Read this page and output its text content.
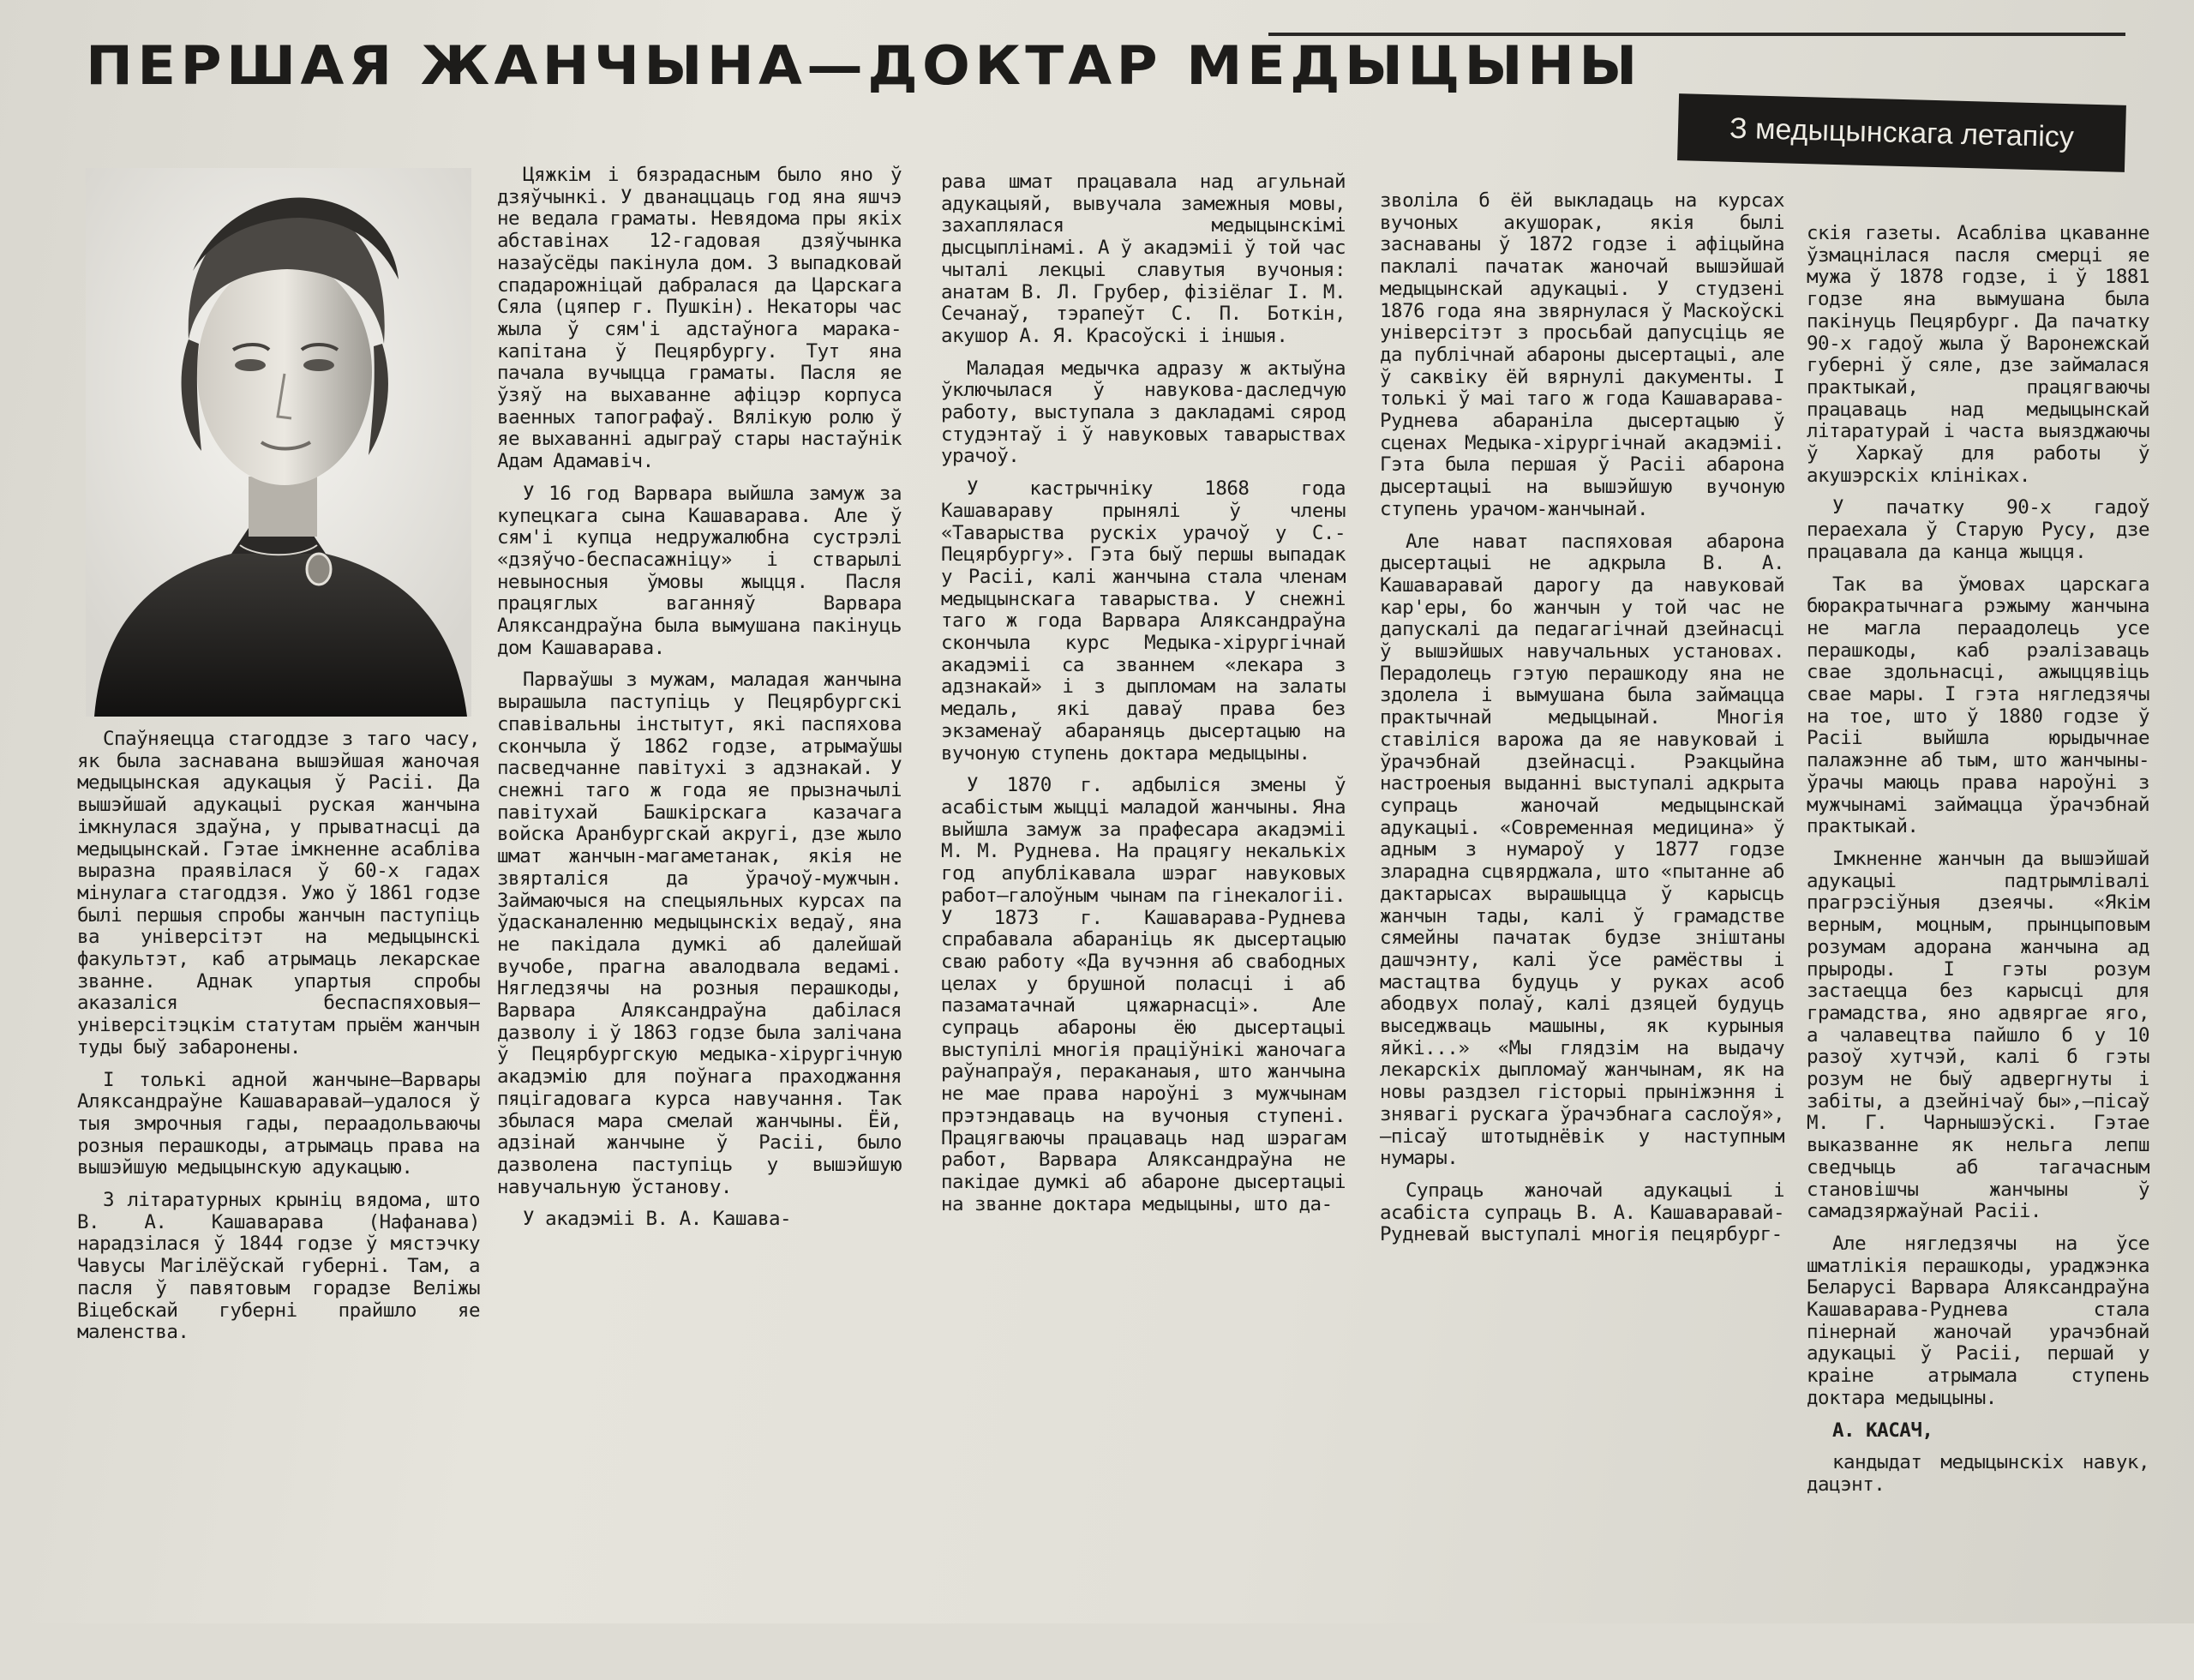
ПЕРШАЯ ЖАНЧЫНА—ДОКТАР МЕДЫЦЫНЫ
З медыцынскага летапісу

Спаўняецца стагоддзе з таго часу, як была заснавана вышэйшая жаночая медыцынская адукацыя ў Расіі. Да вышэйшай адукацыі руская жанчына імкнулася здаўна, у прыватнасці да медыцынскай. Гэтае імкненне асабліва выразна праявілася ў 60-х гадах мінулага стагоддзя. Ужо ў 1861 годзе былі першыя спробы жанчын паступіць ва універсітэт на медыцынскі факультэт, каб атрымаць лекарскае званне. Аднак упартыя спробы аказаліся беспаспяховыя—універсітэцкім статутам прыём жанчын туды быў забаронены.

І толькі адной жанчыне—Варвары Аляксандраўне Кашаваравай—удалося ў тыя змрочныя гады, пераадольваючы розныя перашкоды, атрымаць права на вышэйшую медыцынскую адукацыю.

З літаратурных крыніц вядома, што В. А. Кашаварава (Нафанава) нарадзілася ў 1844 годзе ў мястэчку Чавусы Магілёўскай губерні. Там, а пасля ў павятовым горадзе Веліжы Віцебскай губерні прайшло яе маленства.

Цяжкім і бязрадасным было яно ў дзяўчынкі. У дванаццаць год яна яшчэ не ведала граматы. Невядома пры якіх абставінах 12-гадовая дзяўчынка назаўсёды пакінула дом. З выпадковай спадарожніцай дабралася да Царскага Сяла (цяпер г. Пушкін). Некаторы час жыла ў сям'і адстаўнога марака-капітана ў Пецярбургу. Тут яна пачала вучыцца граматы. Пасля яе ўзяў на выхаванне афіцэр корпуса ваенных тапографаў. Вялікую ролю ў яе выхаванні адыграў стары настаўнік Адам Адамавіч.

У 16 год Варвара выйшла замуж за купецкага сына Кашаварава. Але ў сям'і купца недружалюбна сустрэлі «дзяўчо-беспасажніцу» і стварылі невыносныя ўмовы жыцця. Пасля працяглых ваганняў Варвара Аляксандраўна была вымушана пакінуць дом Кашаварава.

Парваўшы з мужам, маладая жанчына вырашыла паступіць у Пецярбургскі спавівальны інстытут, які паспяхова скончыла ў 1862 годзе, атрымаўшы пасведчанне павітухі з адзнакай. У снежні таго ж года яе прызначылі павітухай Башкірскага казачага войска Аранбургскай акругі, дзе жыло шмат жанчын-магаметанак, якія не звярталіся да ўрачоў-мужчын. Займаючыся на спецыяльных курсах па ўдасканаленню медыцынскіх ведаў, яна не пакідала думкі аб далейшай вучобе, прагна авалодвала ведамі. Нягледзячы на розныя перашкоды, Варвара Аляксандраўна дабілася дазволу і ў 1863 годзе была залічана ў Пецярбургскую медыка-хірургічную акадэмію для поўнага праходжання пяцігадовага курса навучання. Так збылася мара смелай жанчыны. Ёй, адзінай жанчыне ў Расіі, было дазволена паступіць у вышэйшую навучальную ўстанову.

У акадэміі В. А. Кашава-

рава шмат працавала над агульнай адукацыяй, вывучала замежныя мовы, захаплялася медыцынскімі дысцыплінамі. А ў акадэміі ў той час чыталі лекцыі славутыя вучоныя: анатам В. Л. Грубер, фізіёлаг І. М. Сечанаў, тэрапеўт С. П. Боткін, акушор А. Я. Красоўскі і іншыя.

Маладая медычка адразу ж актыўна ўключылася ў навукова-даследчую работу, выступала з дакладамі сярод студэнтаў і ў навуковых таварыствах урачоў.

У кастрычніку 1868 года Кашавараву прынялі ў члены «Таварыства рускіх урачоў у С.-Пецярбургу». Гэта быў першы выпадак у Расіі, калі жанчына стала членам медыцынскага таварыства. У снежні таго ж года Варвара Аляксандраўна скончыла курс Медыка-хірургічнай акадэміі са званнем «лекара з адзнакай» і з дыпломам на залаты медаль, які даваў права без экзаменаў абараняць дысертацыю на вучоную ступень доктара медыцыны.

У 1870 г. адбыліся змены ў асабістым жыцці маладой жанчыны. Яна выйшла замуж за прафесара акадэміі М. М. Руднева. На працягу некалькіх год апублікавала шэраг навуковых работ—галоўным чынам па гінекалогіі. У 1873 г. Кашаварава-Руднева спрабавала абараніць як дысертацыю сваю работу «Да вучэння аб свабодных целах у брушной поласці і аб пазаматачнай цяжарнасці». Але супраць абароны ёю дысертацыі выступілі многія праціўнікі жаночага раўнапраўя, пераканаыя, што жанчына не мае права нароўні з мужчынам прэтэндаваць на вучоныя ступені. Працягваючы працаваць над шэрагам работ, Варвара Аляксандраўна не пакідае думкі аб абароне дысертацыі на званне доктара медыцыны, што да-

зволіла б ёй выкладаць на курсах вучоных акушорак, якія былі заснаваны ў 1872 годзе і афіцыйна паклалі пачатак жаночай вышэйшай медыцынскай адукацыі. У студзені 1876 года яна звярнулася ў Маскоўскі універсітэт з просьбай дапусціць яе да публічнай абароны дысертацыі, але ў саквіку ёй вярнулі дакументы. І толькі ў маі таго ж года Кашаварава-Руднева абараніла дысертацыю ў сценах Медыка-хірургічнай акадэміі. Гэта была першая ў Расіі абарона дысертацыі на вышэйшую вучоную ступень урачом-жанчынай.

Але нават паспяховая абарона дысертацыі не адкрыла В. А. Кашаваравай дарогу да навуковай кар'еры, бо жанчын у той час не дапускалі да педагагічнай дзейнасці ў вышэйшых навучальных установах. Перадолець гэтую перашкоду яна не здолела і вымушана была займацца практычнай медыцынай. Многія ставіліся варожа да яе навуковай і ўрачэбнай дзейнасці. Рэакцыйна настроеныя выданні выступалі адкрыта супраць жаночай медыцынскай адукацыі. «Современная медицина» ў адным з нумароў у 1877 годзе зларадна сцвярджала, што «пытанне аб дактарысах вырашыцца ў карысць жанчын тады, калі ў грамадстве сямейны пачатак будзе зніштаны дашчэнту, калі ўсе рамёствы і мастацтва будуць у руках асоб абодвух полаў, калі дзяцей будуць выседжваць машыны, як курыныя яйкі...» «Мы глядзім на выдачу лекарскіх дыпломаў жанчынам, як на новы раздзел гісторыі прыніжэння і знявагі рускага ўрачэбнага саслоўя»,—пісаў штотыднёвік у наступным нумары.

Супраць жаночай адукацыі і асабіста супраць В. А. Кашаваравай-Рудневай выступалі многія пецярбург-

скія газеты. Асабліва цкаванне ўзмацнілася пасля смерці яе мужа ў 1878 годзе, і ў 1881 годзе яна вымушана была пакінуць Пецярбург. Да пачатку 90-х гадоў жыла ў Варонежскай губерні ў сяле, дзе займалася практыкай, працягваючы працаваць над медыцынскай літаратурай і часта выязджаючы ў Харкаў для работы ў акушэрскіх клініках.

У пачатку 90-х гадоў пераехала ў Старую Русу, дзе працавала да канца жыцця.

Так ва ўмовах царскага бюракратычнага рэжыму жанчына не магла пераадолець усе перашкоды, каб рэалізаваць свае здольнасці, ажыццявіць свае мары. І гэта нягледзячы на тое, што ў 1880 годзе ў Расіі выйшла юрыдычнае палажэнне аб тым, што жанчыны-ўрачы маюць права нароўні з мужчынамі займацца ўрачэбнай практыкай.

Імкненне жанчын да вышэйшай адукацыі падтрымлівалі прагрэсіўныя дзеячы. «Якім верным, моцным, прынцыповым розумам адорана жанчына ад прыроды. І гэты розум застаецца без карысці для грамадства, яно адвяргае яго, а чалавецтва пайшло б у 10 разоў хутчэй, калі б гэты розум не быў адвергнуты і забіты, а дзейнічаў бы»,—пісаў М. Г. Чарнышэўскі. Гэтае выказванне як нельга лепш сведчыць аб тагачасным становішчы жанчыны ў самадзяржаўнай Расіі.

Але нягледзячы на ўсе шматлікія перашкоды, ураджэнка Беларусі Варвара Аляксандраўна Кашаварава-Руднева стала пінернай жаночай урачэбнай адукацыі ў Расіі, першай у краіне атрымала ступень доктара медыцыны.

А. КАСАЧ,

кандыдат медыцынскіх навук, дацэнт.
